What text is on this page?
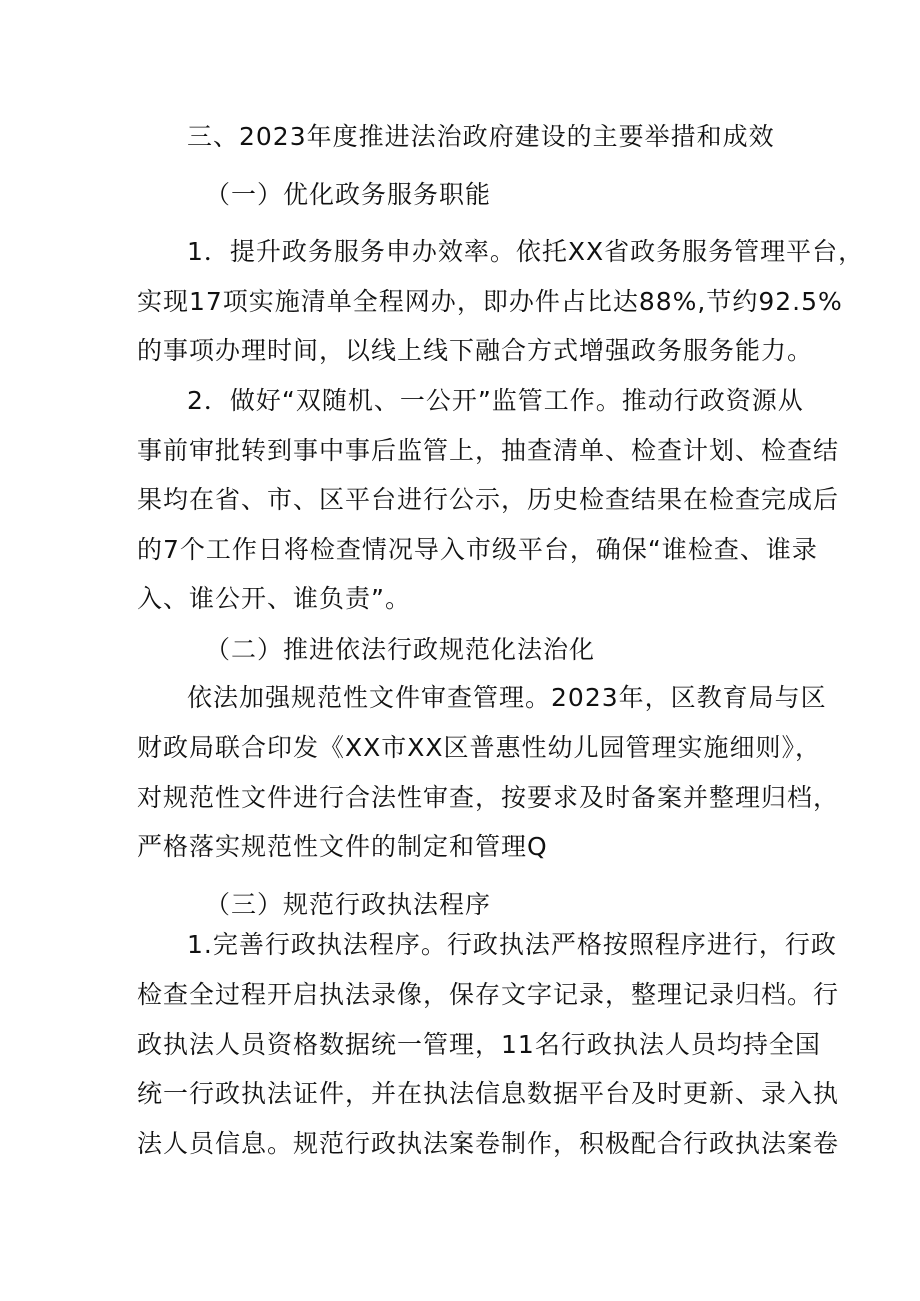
三、2023年度推进法治政府建设的主要举措和成效
（一）优化政务服务职能
1．提升政务服务申办效率。依托XX省政务服务管理平台，
实现17项实施清单全程网办，即办件占比达88%,节约92.5%
的事项办理时间，以线上线下融合方式增强政务服务能力。
2．做好“双随机、一公开”监管工作。推动行政资源从
事前审批转到事中事后监管上，抽查清单、检查计划、检查结
果均在省、市、区平台进行公示，历史检查结果在检查完成后
的7个工作日将检查情况导入市级平台，确保“谁检查、谁录
入、谁公开、谁负责”。
（二）推进依法行政规范化法治化
依法加强规范性文件审查管理。2023年，区教育局与区
财政局联合印发《XX市XX区普惠性幼儿园管理实施细则》，
对规范性文件进行合法性审查，按要求及时备案并整理归档，
严格落实规范性文件的制定和管理Q
（三）规范行政执法程序
1.完善行政执法程序。行政执法严格按照程序进行，行政
检查全过程开启执法录像，保存文字记录，整理记录归档。行
政执法人员资格数据统一管理，11名行政执法人员均持全国
统一行政执法证件，并在执法信息数据平台及时更新、录入执
法人员信息。规范行政执法案卷制作，积极配合行政执法案卷
